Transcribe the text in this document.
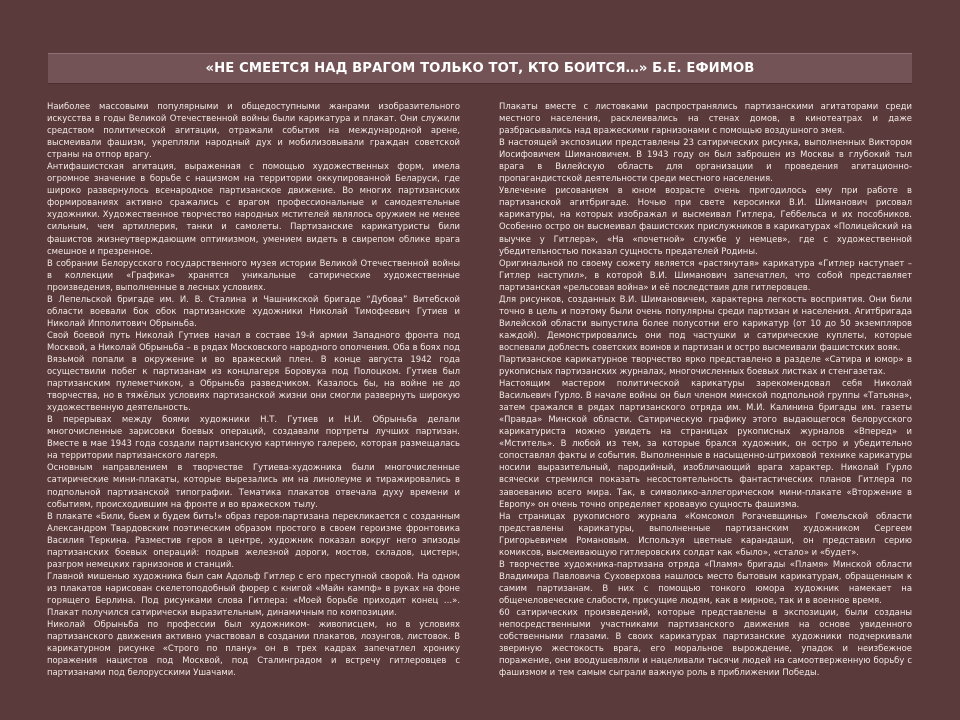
«НЕ СМЕЕТСЯ НАД ВРАГОМ ТОЛЬКО ТОТ, КТО БОИТСЯ…» Б.Е. ЕФИМОВ

Наиболее массовыми популярными и общедоступными жанрами изобразительного искусства в годы Великой Отечественной войны были карикатура и плакат. Они служили средством политической агитации, отражали события на международной арене, высмеивали фашизм, укрепляли народный дух и мобилизовывали граждан советской страны на отпор врагу.

Антифашистская агитация, выраженная с помощью художественных форм, имела огромное значение в борьбе с нацизмом на территории оккупированной Беларуси, где широко развернулось всенародное партизанское движение. Во многих партизанских формированиях активно сражались с врагом профессиональные и самодеятельные художники. Художественное творчество народных мстителей являлось оружием не менее сильным, чем артиллерия, танки и самолеты. Партизанские карикатуристы били фашистов жизнеутверждающим оптимизмом, умением видеть в свирепом облике врага смешное и презренное.

В собрании Белорусского государственного музея истории Великой Отечественной войны в коллекции «Графика» хранятся уникальные сатирические художественные произведения, выполненные в лесных условиях.

В Лепельской бригаде им. И. В. Сталина и Чашникской бригаде “Дубова” Витебской области воевали бок обок партизанские художники Николай Тимофеевич Гутиев и Николай Ипполитович Обрыньба.

Свой боевой путь Николай Гутиев начал в составе 19-й армии Западного фронта под Москвой, а Николай Обрыньба – в рядах Московского народного ополчения. Оба в боях под Вязьмой попали в окружение и во вражеский плен. В конце августа 1942 года осуществили побег к партизанам из концлагеря Боровуха под Полоцком. Гутиев был партизанским пулеметчиком, а Обрыньба разведчиком. Казалось бы, на войне не до творчества, но в тяжёлых условиях партизанской жизни они смогли развернуть широкую художественную деятельность.

В перерывах между боями художники Н.Т. Гутиев и Н.И. Обрыньба делали многочисленные зарисовки боевых операций, создавали портреты лучших партизан. Вместе в мае 1943 года создали партизанскую картинную галерею, которая размещалась на территории партизанского лагеря.

Основным направлением в творчестве Гутиева-художника были многочисленные сатирические мини-плакаты, которые вырезались им на линолеуме и тиражировались в подпольной партизанской типографии. Тематика плакатов отвечала духу времени и событиям, происходившим на фронте и во вражеском тылу.

В плакате «Били, бьем и будем бить!» образ героя-партизана перекликается с созданным Александром Твардовским поэтическим образом простого в своем героизме фронтовика Василия Теркина. Разместив героя в центре, художник показал вокруг него эпизоды партизанских боевых операций: подрыв железной дороги, мостов, складов, цистерн, разгром немецких гарнизонов и станций.

Главной мишенью художника был сам Адольф Гитлер с его преступной сворой. На одном из плакатов нарисован скелетоподобный фюрер с книгой «Майн кампф» в руках на фоне горящего Берлина. Под рисунками слова Гитлера: «Моей борьбе приходит конец …». Плакат получился сатирически выразительным, динамичным по композиции.

Николай Обрыньба по профессии был художником- живописцем, но в условиях партизанского движения активно участвовал в создании плакатов, лозунгов, листовок. В карикатурном рисунке «Строго по плану» он в трех кадрах запечатлел хронику поражения нацистов под Москвой, под Сталинградом и встречу гитлеровцев с партизанами под белорусскими Ушачами.

Плакаты вместе с листовками распространялись партизанскими агитаторами среди местного населения, расклеивались на стенах домов, в кинотеатрах и даже разбрасывались над вражескими гарнизонами с помощью воздушного змея.

В настоящей экспозиции представлены 23 сатирических рисунка, выполненных Виктором Иосифовичем Шимановичем. В 1943 году он был заброшен из Москвы в глубокий тыл врага в Вилейскую область для организации и проведения агитационно- пропагандистской деятельности среди местного населения.

Увлечение рисованием в юном возрасте очень пригодилось ему при работе в партизанской агитбригаде. Ночью при свете керосинки В.И. Шиманович рисовал карикатуры, на которых изображал и высмеивал Гитлера, Геббельса и их пособников. Особенно остро он высмеивал фашистских прислужников в карикатурах «Полицейский на выучке у Гитлера», «На «почетной» службе у немцев», где с художественной убедительностью показал сущность предателей Родины.

Оригинальной по своему сюжету является «растянутая» карикатура «Гитлер наступает – Гитлер наступил», в которой В.И. Шиманович запечатлел, что собой представляет партизанская «рельсовая война» и её последствия для гитлеровцев.

Для рисунков, созданных В.И. Шимановичем, характерна легкость восприятия. Они били точно в цель и поэтому были очень популярны среди партизан и населения. Агитбригада Вилейской области выпустила более полусотни его карикатур (от 10 до 50 экземпляров каждой). Демонстрировались они под частушки и сатирические куплеты, которые воспевали доблесть советских воинов и партизан и остро высмеивали фашистских вояк.

Партизанское карикатурное творчество ярко представлено в разделе «Сатира и юмор» в рукописных партизанских журналах, многочисленных боевых листках и стенгазетах.

Настоящим мастером политической карикатуры зарекомендовал себя Николай Васильевич Гурло. В начале войны он был членом минской подпольной группы «Татьяна», затем сражался в рядах партизанского отряда им. М.И. Калинина бригады им. газеты «Правда» Минской области. Сатирическую графику этого выдающегося белорусского карикатуриста можно увидеть на страницах рукописных журналов «Вперед» и «Мститель». В любой из тем, за которые брался художник, он остро и убедительно сопоставлял факты и события. Выполненные в насыщенно-штриховой технике карикатуры носили выразительный, пародийный, изобличающий врага характер. Николай Гурло всячески стремился показать несостоятельность фантастических планов Гитлера по завоеванию всего мира. Так, в символико-аллегорическом мини-плакате «Вторжение в Европу» он очень точно определяет кровавую сущность фашизма.

На страницах рукописного журнала «Комсомол Рогачевщины» Гомельской области представлены карикатуры, выполненные партизанским художником Сергеем Григорьевичем Романовым. Используя цветные карандаши, он представил серию комиксов, высмеивающую гитлеровских солдат как «было», «стало» и «будет».

В творчестве художника-партизана отряда «Пламя» бригады «Пламя» Минской области Владимира Павловича Суховерхова нашлось место бытовым карикатурам, обращенным к самим партизанам. В них с помощью тонкого юмора художник намекает на общечеловеческие слабости, присущие людям, как в мирное, так и в военное время.

60 сатирических произведений, которые представлены в экспозиции, были созданы непосредственными участниками партизанского движения на основе увиденного собственными глазами. В своих карикатурах партизанские художники подчеркивали звериную жестокость врага, его моральное вырождение, упадок и неизбежное поражение, они воодушевляли и нацеливали тысячи людей на самоотверженную борьбу с фашизмом и тем самым сыграли важную роль в приближении Победы.
